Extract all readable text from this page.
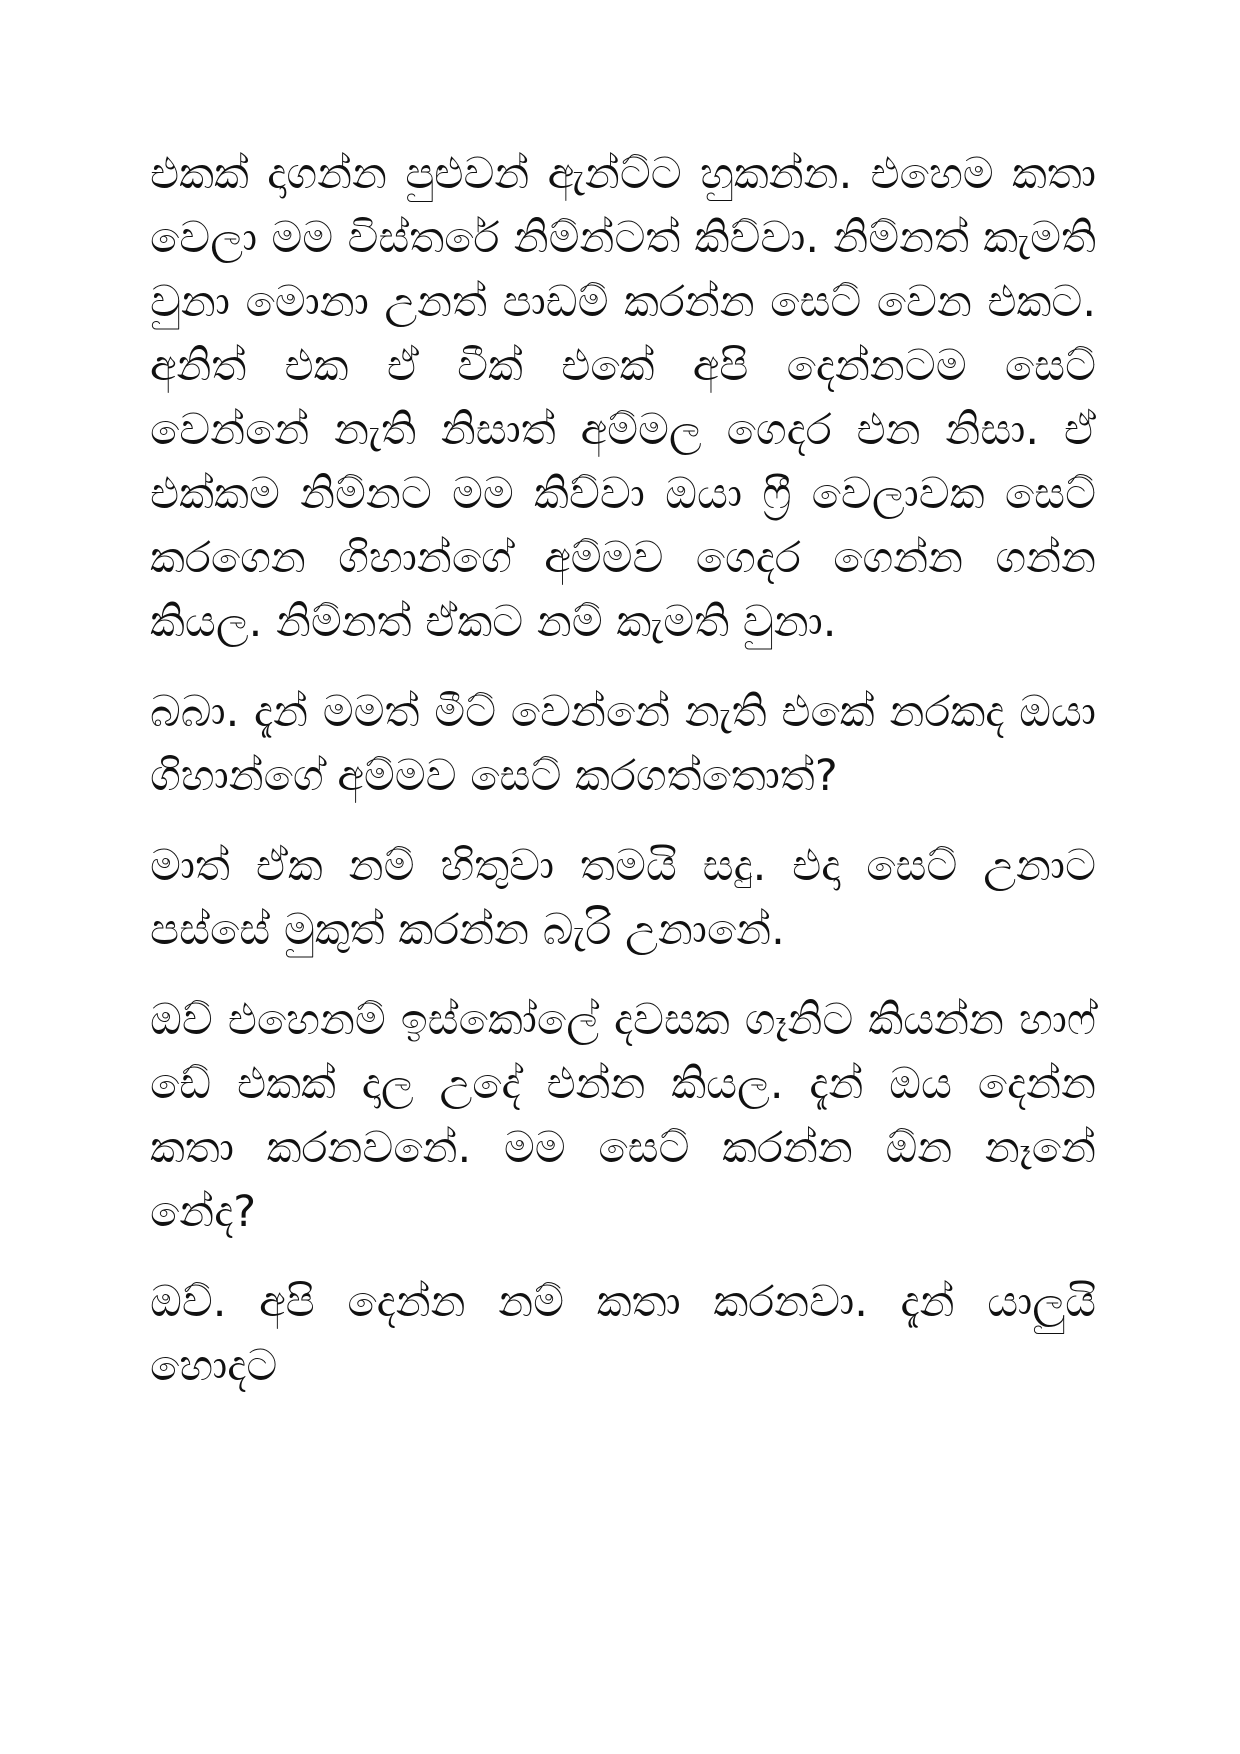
එකක් දාගන්න පුළුවන් ඇන්ට්ට හුකන්න. එහෙම කතා වෙලා මම විස්තරේ නිම්න්ටත් කිව්වා. නිම්නත් කැමති වුනා මොනා උනත් පාඩම් කරන්න සෙට් වෙන එකට. අනිත් එක ඒ වීක් එකේ අපි දෙන්නටම සෙට් වෙන්නේ නැති නිසාත් අම්මල ගෙදර එන නිසා. ඒ එක්කම නිම්නට මම කිව්වා ඔයා ෆ්‍රී වෙලාවක සෙට් කරගෙන ගිහාන්ගේ අම්මව ගෙදර ගෙන්න ගන්න කියල. නිම්නත් ඒකට නම් කැමති වුනා.

බබා. දැන් මමත් මීට් වෙන්නේ නැති එකේ නරකද ඔයා ගිහාන්ගේ අම්මව සෙට් කරගත්තොත්?

මාත් ඒක නම් හිතුවා තමයි සදු. එදා සෙට් උනාට පස්සේ මුකුත් කරන්න බැරි උනානේ.

ඔව් එහෙනම් ඉස්කෝලේ දවසක ගෑනිට කියන්න හාෆ් ඩේ එකක් දාල උදේ එන්න කියල. දැන් ඔය දෙන්න කතා කරනවනේ. මම සෙට් කරන්න ඕන නෑනේ නේද?

ඔව්. අපි දෙන්න නම් කතා කරනවා. දැන් යාලුයි හොදට
